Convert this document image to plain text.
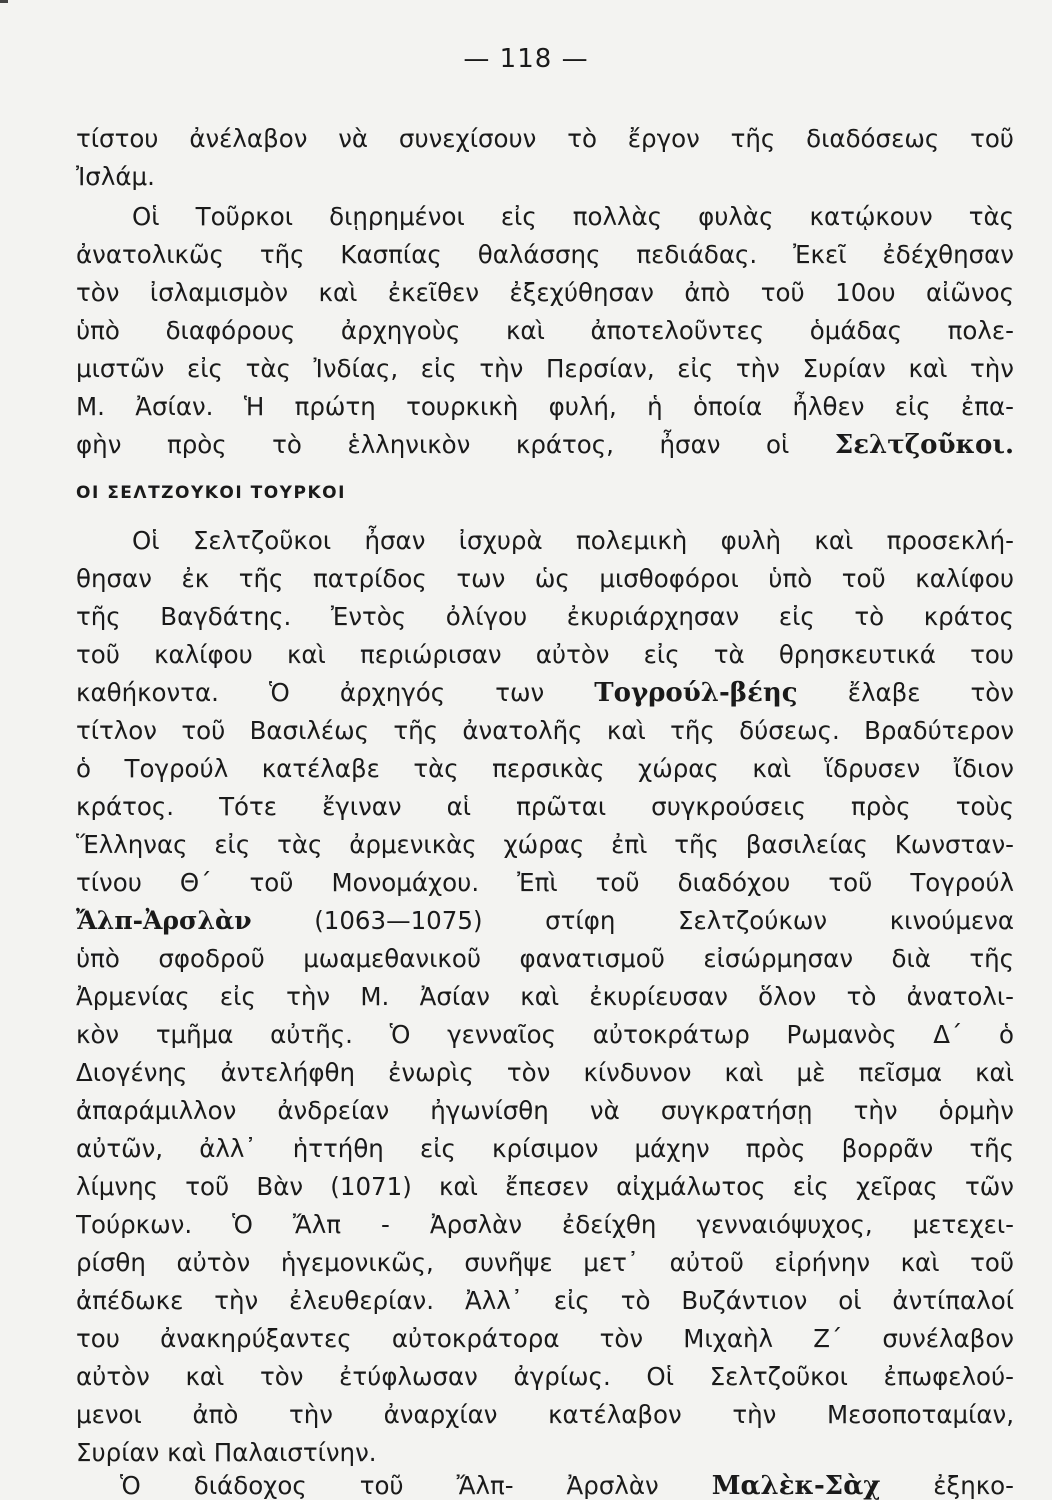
— 118 —
τίστου ἀνέλαβον νὰ συνεχίσουν τὸ ἔργον τῆς διαδόσεως τοῦ
Ἰσλάμ.
Οἱ Τοῦρκοι διῃρημένοι εἰς πολλὰς φυλὰς κατῴκουν τὰς
ἀνατολικῶς τῆς Κασπίας θαλάσσης πεδιάδας. Ἐκεῖ ἐδέχθησαν
τὸν ἰσλαμισμὸν καὶ ἐκεῖθεν ἐξεχύθησαν ἀπὸ τοῦ 10ου αἰῶνος
ὑπὸ διαφόρους ἀρχηγοὺς καὶ ἀποτελοῦντες ὁμάδας πολε-
μιστῶν εἰς τὰς Ἰνδίας, εἰς τὴν Περσίαν, εἰς τὴν Συρίαν καὶ τὴν
Μ. Ἀσίαν. Ἡ πρώτη τουρκικὴ φυλή, ἡ ὁποία ἦλθεν εἰς ἐπα-
φὴν πρὸς τὸ ἑλληνικὸν κράτος, ἦσαν οἱ Σελτζοῦκοι.
ΟΙ ΣΕΛΤΖΟΥΚΟΙ ΤΟΥΡΚΟΙ
Οἱ Σελτζοῦκοι ἦσαν ἰσχυρὰ πολεμικὴ φυλὴ καὶ προσεκλή-
θησαν ἐκ τῆς πατρίδος των ὡς μισθοφόροι ὑπὸ τοῦ καλίφου
τῆς Βαγδάτης. Ἐντὸς ὀλίγου ἐκυριάρχησαν εἰς τὸ κράτος
τοῦ καλίφου καὶ περιώρισαν αὐτὸν εἰς τὰ θρησκευτικά του
καθήκοντα. Ὁ ἀρχηγός των Τογρούλ-βέης ἔλαβε τὸν
τίτλον τοῦ Βασιλέως τῆς ἀνατολῆς καὶ τῆς δύσεως. Βραδύτερον
ὁ Τογρούλ κατέλαβε τὰς περσικὰς χώρας καὶ ἵδρυσεν ἴδιον
κράτος. Τότε ἔγιναν αἱ πρῶται συγκρούσεις πρὸς τοὺς
Ἕλληνας εἰς τὰς ἀρμενικὰς χώρας ἐπὶ τῆς βασιλείας Κωνσταν-
τίνου Θ΄ τοῦ Μονομάχου. Ἐπὶ τοῦ διαδόχου τοῦ Τογρούλ
Ἄλπ-Ἀρσλὰν	(1063—1075) στίφη Σελτζούκων κινούμενα
ὑπὸ σφοδροῦ μωαμεθανικοῦ φανατισμοῦ εἰσώρμησαν διὰ τῆς
Ἀρμενίας εἰς τὴν Μ. Ἀσίαν καὶ ἐκυρίευσαν ὅλον τὸ ἀνατολι-
κὸν τμῆμα αὐτῆς. Ὁ γενναῖος αὐτοκράτωρ Ρωμανὸς Δ΄ ὁ
Διογένης ἀντελήφθη ἐνωρὶς τὸν κίνδυνον καὶ μὲ πεῖσμα καὶ
ἀπαράμιλλον ἀνδρείαν ἠγωνίσθη νὰ συγκρατήσῃ τὴν ὁρμὴν
αὐτῶν, ἀλλ᾿ ἡττήθη εἰς κρίσιμον μάχην πρὸς βορρᾶν τῆς
λίμνης τοῦ Βὰν (1071) καὶ ἔπεσεν αἰχμάλωτος εἰς χεῖρας τῶν
Τούρκων. Ὁ Ἄλπ - Ἀρσλὰν ἐδείχθη γενναιόψυχος, μετεχει-
ρίσθη αὐτὸν ἡγεμονικῶς, συνῆψε μετ᾿ αὐτοῦ εἰρήνην καὶ τοῦ
ἀπέδωκε τὴν ἐλευθερίαν. Ἀλλ᾿ εἰς τὸ Βυζάντιον οἱ ἀντίπαλοί
του ἀνακηρύξαντες αὐτοκράτορα τὸν Μιχαὴλ Ζ΄ συνέλαβον
αὐτὸν καὶ τὸν ἐτύφλωσαν ἀγρίως. Οἱ Σελτζοῦκοι ἐπωφελού-
μενοι ἀπὸ τὴν ἀναρχίαν κατέλαβον τὴν Μεσοποταμίαν,
Συρίαν καὶ Παλαιστίνην.
Ὁ διάδοχος τοῦ Ἄλπ- Ἀρσλὰν Μαλὲκ-Σὰχ ἐξηκο-
